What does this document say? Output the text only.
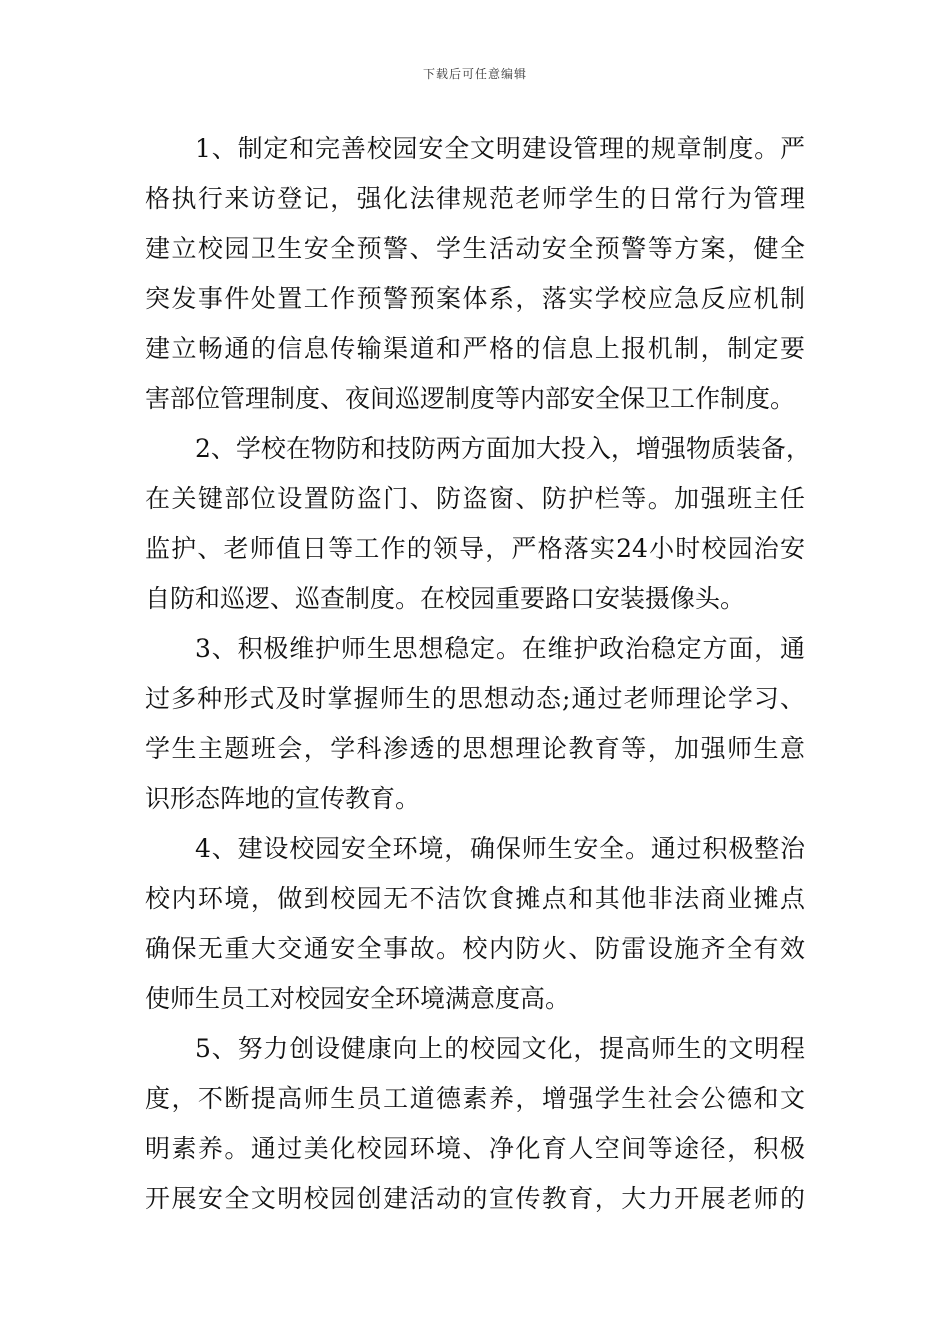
下载后可任意编辑
1、制定和完善校园安全文明建设管理的规章制度。严
格执行来访登记，强化法律规范老师学生的日常行为管理
建立校园卫生安全预警、学生活动安全预警等方案，健全
突发事件处置工作预警预案体系，落实学校应急反应机制
建立畅通的信息传输渠道和严格的信息上报机制，制定要
害部位管理制度、夜间巡逻制度等内部安全保卫工作制度。
2、学校在物防和技防两方面加大投入，增强物质装备，
在关键部位设置防盗门、防盗窗、防护栏等。加强班主任
监护、老师值日等工作的领导，严格落实24小时校园治安
自防和巡逻、巡查制度。在校园重要路口安装摄像头。
3、积极维护师生思想稳定。在维护政治稳定方面，通
过多种形式及时掌握师生的思想动态;通过老师理论学习、
学生主题班会，学科渗透的思想理论教育等，加强师生意
识形态阵地的宣传教育。
4、建设校园安全环境，确保师生安全。通过积极整治
校内环境，做到校园无不洁饮食摊点和其他非法商业摊点
确保无重大交通安全事故。校内防火、防雷设施齐全有效
使师生员工对校园安全环境满意度高。
5、努力创设健康向上的校园文化，提高师生的文明程
度，不断提高师生员工道德素养，增强学生社会公德和文
明素养。通过美化校园环境、净化育人空间等途径，积极
开展安全文明校园创建活动的宣传教育，大力开展老师的
